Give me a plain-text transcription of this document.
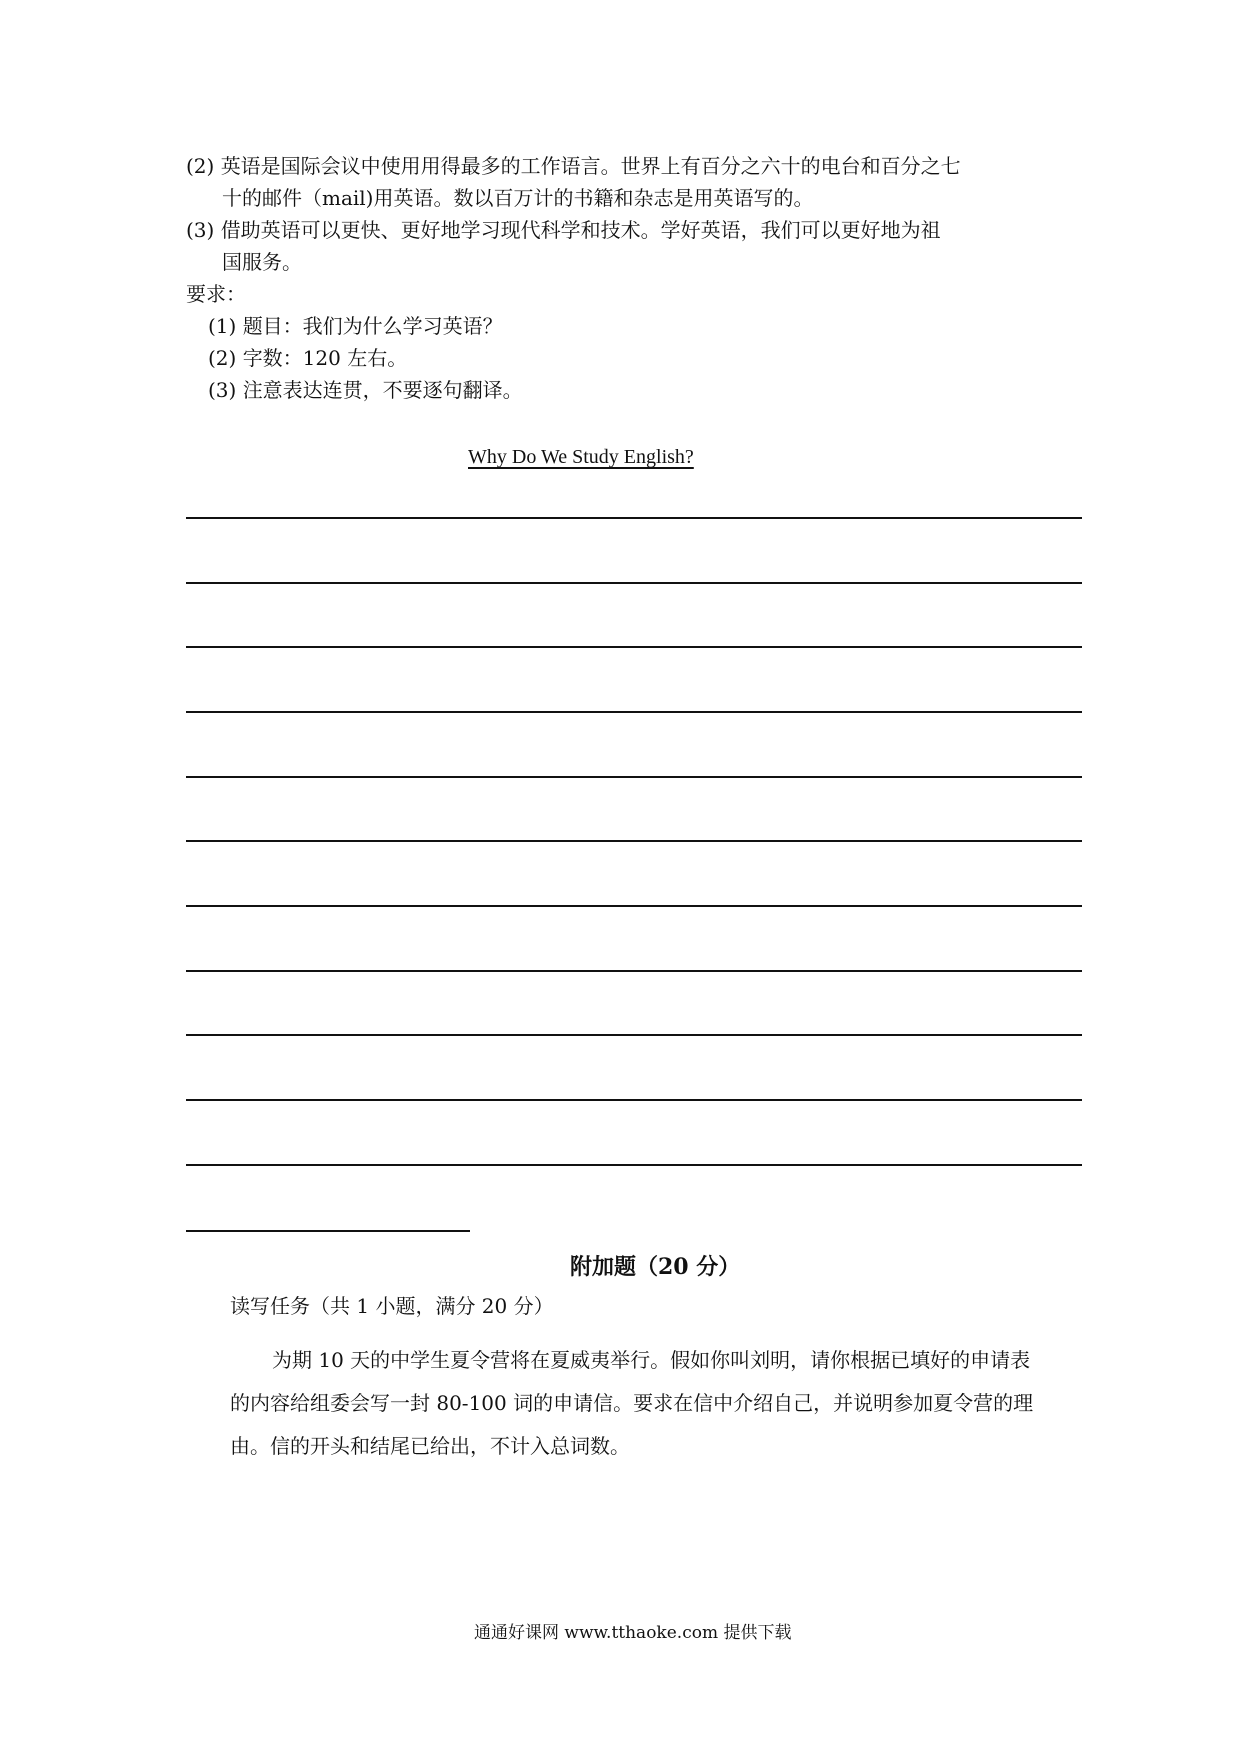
(2) 英语是国际会议中使用用得最多的工作语言。世界上有百分之六十的电台和百分之七
十的邮件（mail)用英语。数以百万计的书籍和杂志是用英语写的。
(3) 借助英语可以更快、更好地学习现代科学和技术。学好英语，我们可以更好地为祖
国服务。
要求：
(1) 题目：我们为什么学习英语？
(2) 字数：120 左右。
(3) 注意表达连贯，不要逐句翻译。
Why Do We Study English?
附加题（20 分）
读写任务（共 1 小题，满分 20 分）
为期 10 天的中学生夏令营将在夏威夷举行。假如你叫刘明，请你根据已填好的申请表
的内容给组委会写一封 80-100 词的申请信。要求在信中介绍自己，并说明参加夏令营的理
由。信的开头和结尾已给出，不计入总词数。
通通好课网 www.tthaoke.com 提供下载
